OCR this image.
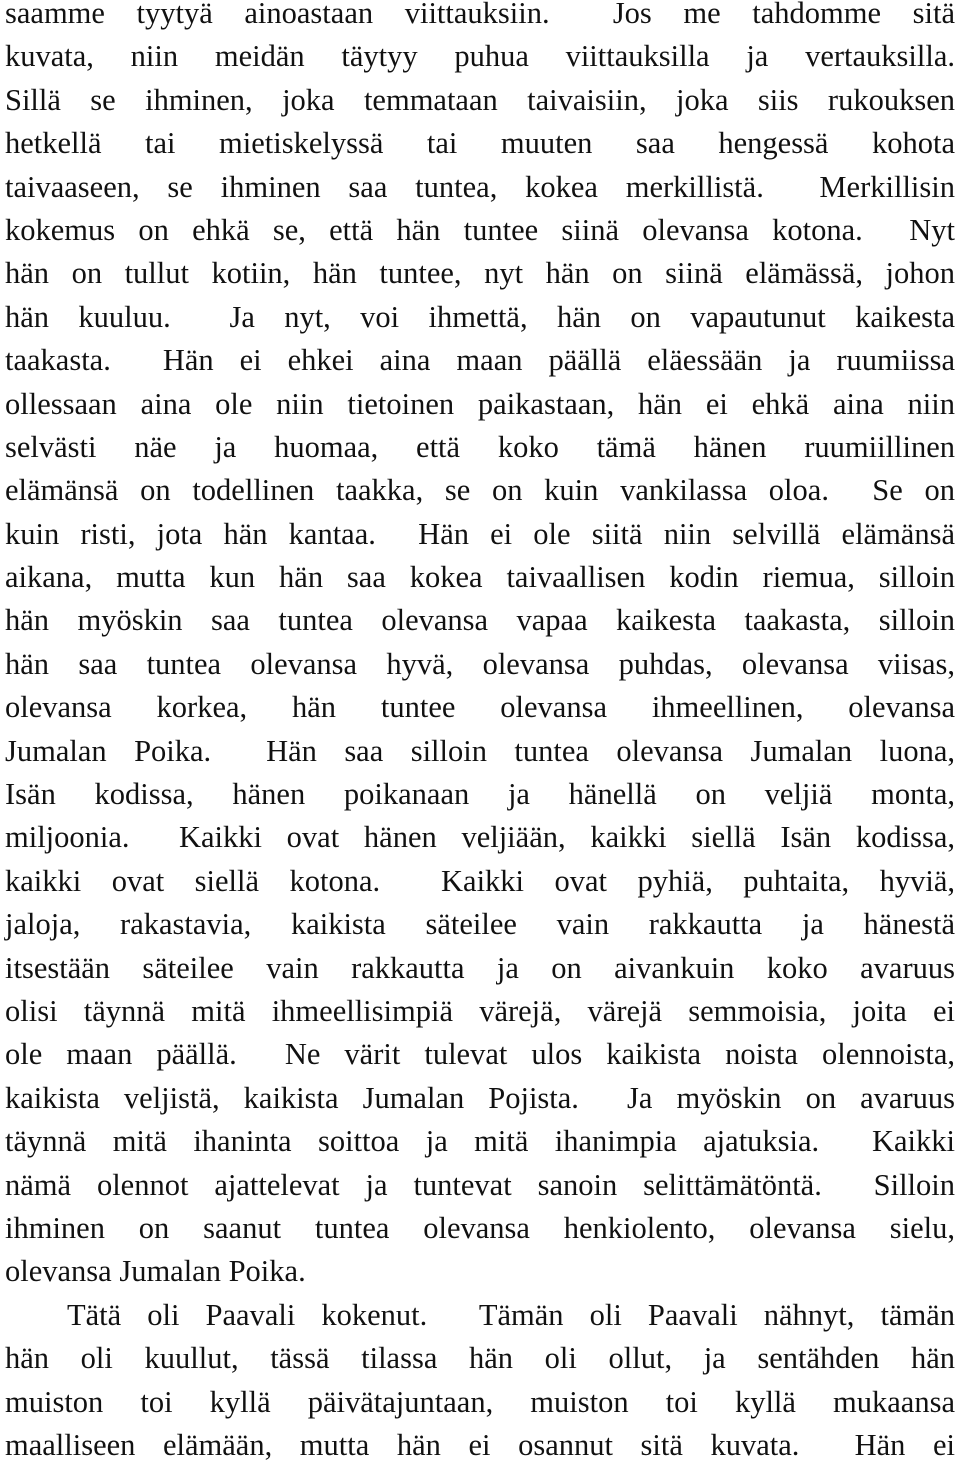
saamme tyytyä ainoastaan viittauksiin.  Jos me tahdomme sitä
kuvata, niin meidän täytyy puhua viittauksilla ja vertauksilla.
Sillä se ihminen, joka temmataan taivaisiin, joka siis rukouksen
hetkellä tai mietiskelyssä tai muuten saa hengessä kohota
taivaaseen, se ihminen saa tuntea, kokea merkillistä.  Merkillisin
kokemus on ehkä se, että hän tuntee siinä olevansa kotona.  Nyt
hän on tullut kotiin, hän tuntee, nyt hän on siinä elämässä, johon
hän kuuluu.  Ja nyt, voi ihmettä, hän on vapautunut kaikesta
taakasta.  Hän ei ehkei aina maan päällä eläessään ja ruumiissa
ollessaan aina ole niin tietoinen paikastaan, hän ei ehkä aina niin
selvästi näe ja huomaa, että koko tämä hänen ruumiillinen
elämänsä on todellinen taakka, se on kuin vankilassa oloa.  Se on
kuin risti, jota hän kantaa.  Hän ei ole siitä niin selvillä elämänsä
aikana, mutta kun hän saa kokea taivaallisen kodin riemua, silloin
hän myöskin saa tuntea olevansa vapaa kaikesta taakasta, silloin
hän saa tuntea olevansa hyvä, olevansa puhdas, olevansa viisas,
olevansa korkea, hän tuntee olevansa ihmeellinen, olevansa
Jumalan Poika.  Hän saa silloin tuntea olevansa Jumalan luona,
Isän kodissa, hänen poikanaan ja hänellä on veljiä monta,
miljoonia.  Kaikki ovat hänen veljiään, kaikki siellä Isän kodissa,
kaikki ovat siellä kotona.  Kaikki ovat pyhiä, puhtaita, hyviä,
jaloja, rakastavia, kaikista säteilee vain rakkautta ja hänestä
itsestään säteilee vain rakkautta ja on aivankuin koko avaruus
olisi täynnä mitä ihmeellisimpiä värejä, värejä semmoisia, joita ei
ole maan päällä.  Ne värit tulevat ulos kaikista noista olennoista,
kaikista veljistä, kaikista Jumalan Pojista.  Ja myöskin on avaruus
täynnä mitä ihaninta soittoa ja mitä ihanimpia ajatuksia.  Kaikki
nämä olennot ajattelevat ja tuntevat sanoin selittämätöntä.  Silloin
ihminen on saanut tuntea olevansa henkiolento, olevansa sielu,
olevansa Jumalan Poika.
Tätä oli Paavali kokenut.  Tämän oli Paavali nähnyt, tämän
hän oli kuullut, tässä tilassa hän oli ollut, ja sentähden hän
muiston toi kyllä päivätajuntaan, muiston toi kyllä mukaansa
maalliseen elämään, mutta hän ei osannut sitä kuvata.  Hän ei
